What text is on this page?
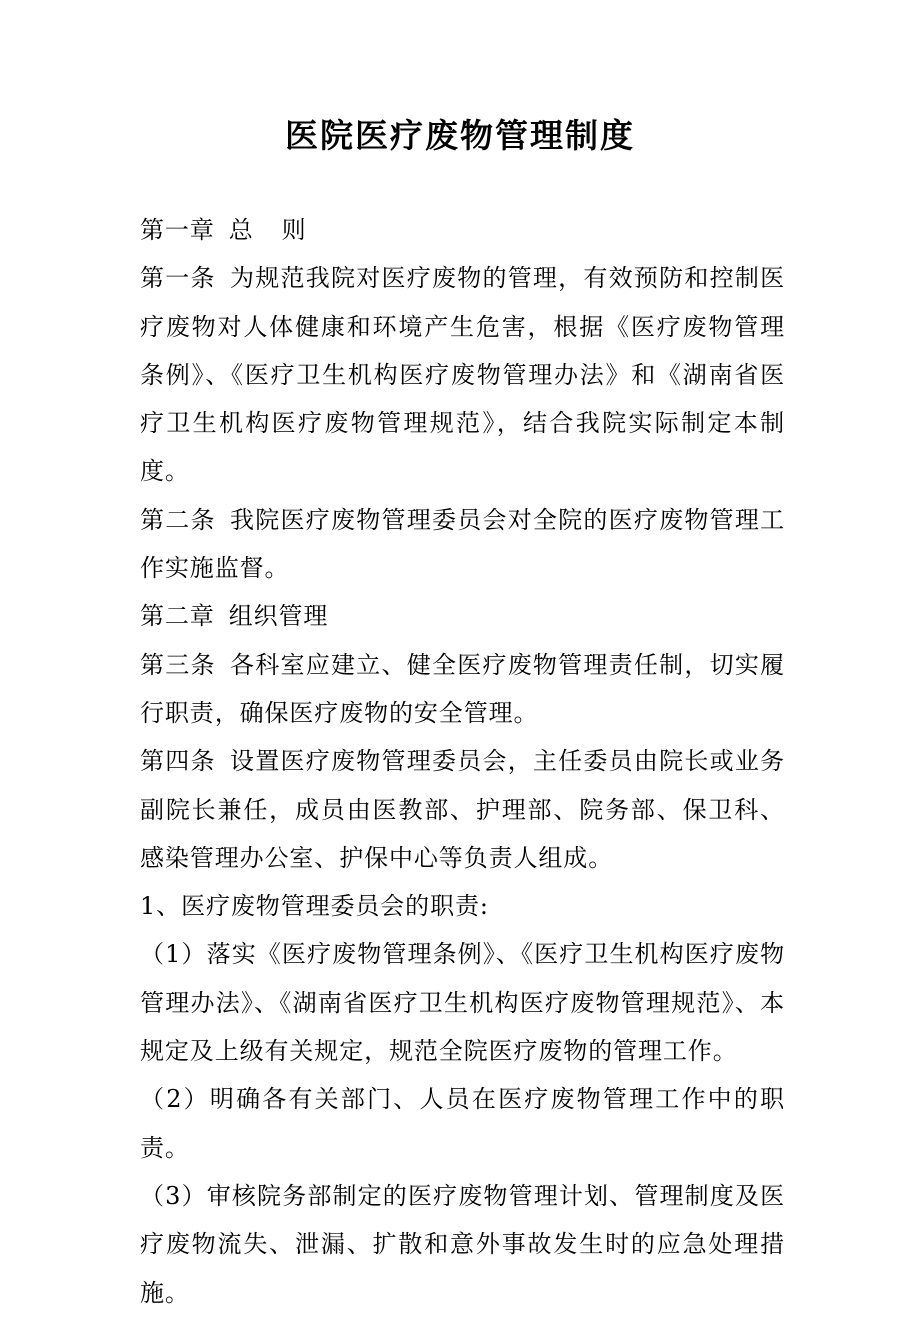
医院医疗废物管理制度

第一章 总 则

第一条 为规范我院对医疗废物的管理，有效预防和控制医疗废物对人体健康和环境产生危害，根据《医疗废物管理条例》、《医疗卫生机构医疗废物管理办法》和《湖南省医疗卫生机构医疗废物管理规范》，结合我院实际制定本制度。

第二条 我院医疗废物管理委员会对全院的医疗废物管理工作实施监督。

第二章 组织管理

第三条 各科室应建立、健全医疗废物管理责任制，切实履行职责，确保医疗废物的安全管理。

第四条 设置医疗废物管理委员会，主任委员由院长或业务副院长兼任，成员由医教部、护理部、院务部、保卫科、感染管理办公室、护保中心等负责人组成。

1、医疗废物管理委员会的职责:

（1）落实《医疗废物管理条例》、《医疗卫生机构医疗废物管理办法》、《湖南省医疗卫生机构医疗废物管理规范》、本规定及上级有关规定，规范全院医疗废物的管理工作。

（2）明确各有关部门、人员在医疗废物管理工作中的职责。

（3）审核院务部制定的医疗废物管理计划、管理制度及医疗废物流失、泄漏、扩散和意外事故发生时的应急处理措施。
